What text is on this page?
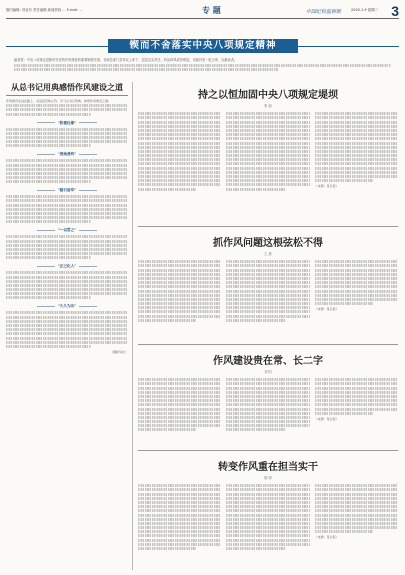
版内编辑: 刘亚东 责任编辑 新闻热线 ... E-mail: ...	专 题	中国纪检监察报	2020.1.9 星期二 3
锲而不舍落实中央八项规定精神
编者按：中央八项规定是新时代党的作风建设的重要制度安排，各地各部门坚持以上率下、层层压实责任，纠治四风成效明显。本版刊发一组文章，以飨读者。
从总书记用典感悟作风建设之道
作风建设永远在路上，永远没有休止符。学习总书记用典，体悟作风建设之道。
"防微杜渐"
"善始善终"
"踏石留印"
"一以贯之"
"正己化人"
"久久为功"
（据新华社）
持之以恒加固中央八项规定堤坝
张 丽
（来源：某日报）
抓作风问题这根弦松不得
王 晨
（来源：某日报）
作风建设贵在常、长二字
刘 阳
（来源：某日报）
转变作风重在担当实干
陈 明
（来源：某日报）
